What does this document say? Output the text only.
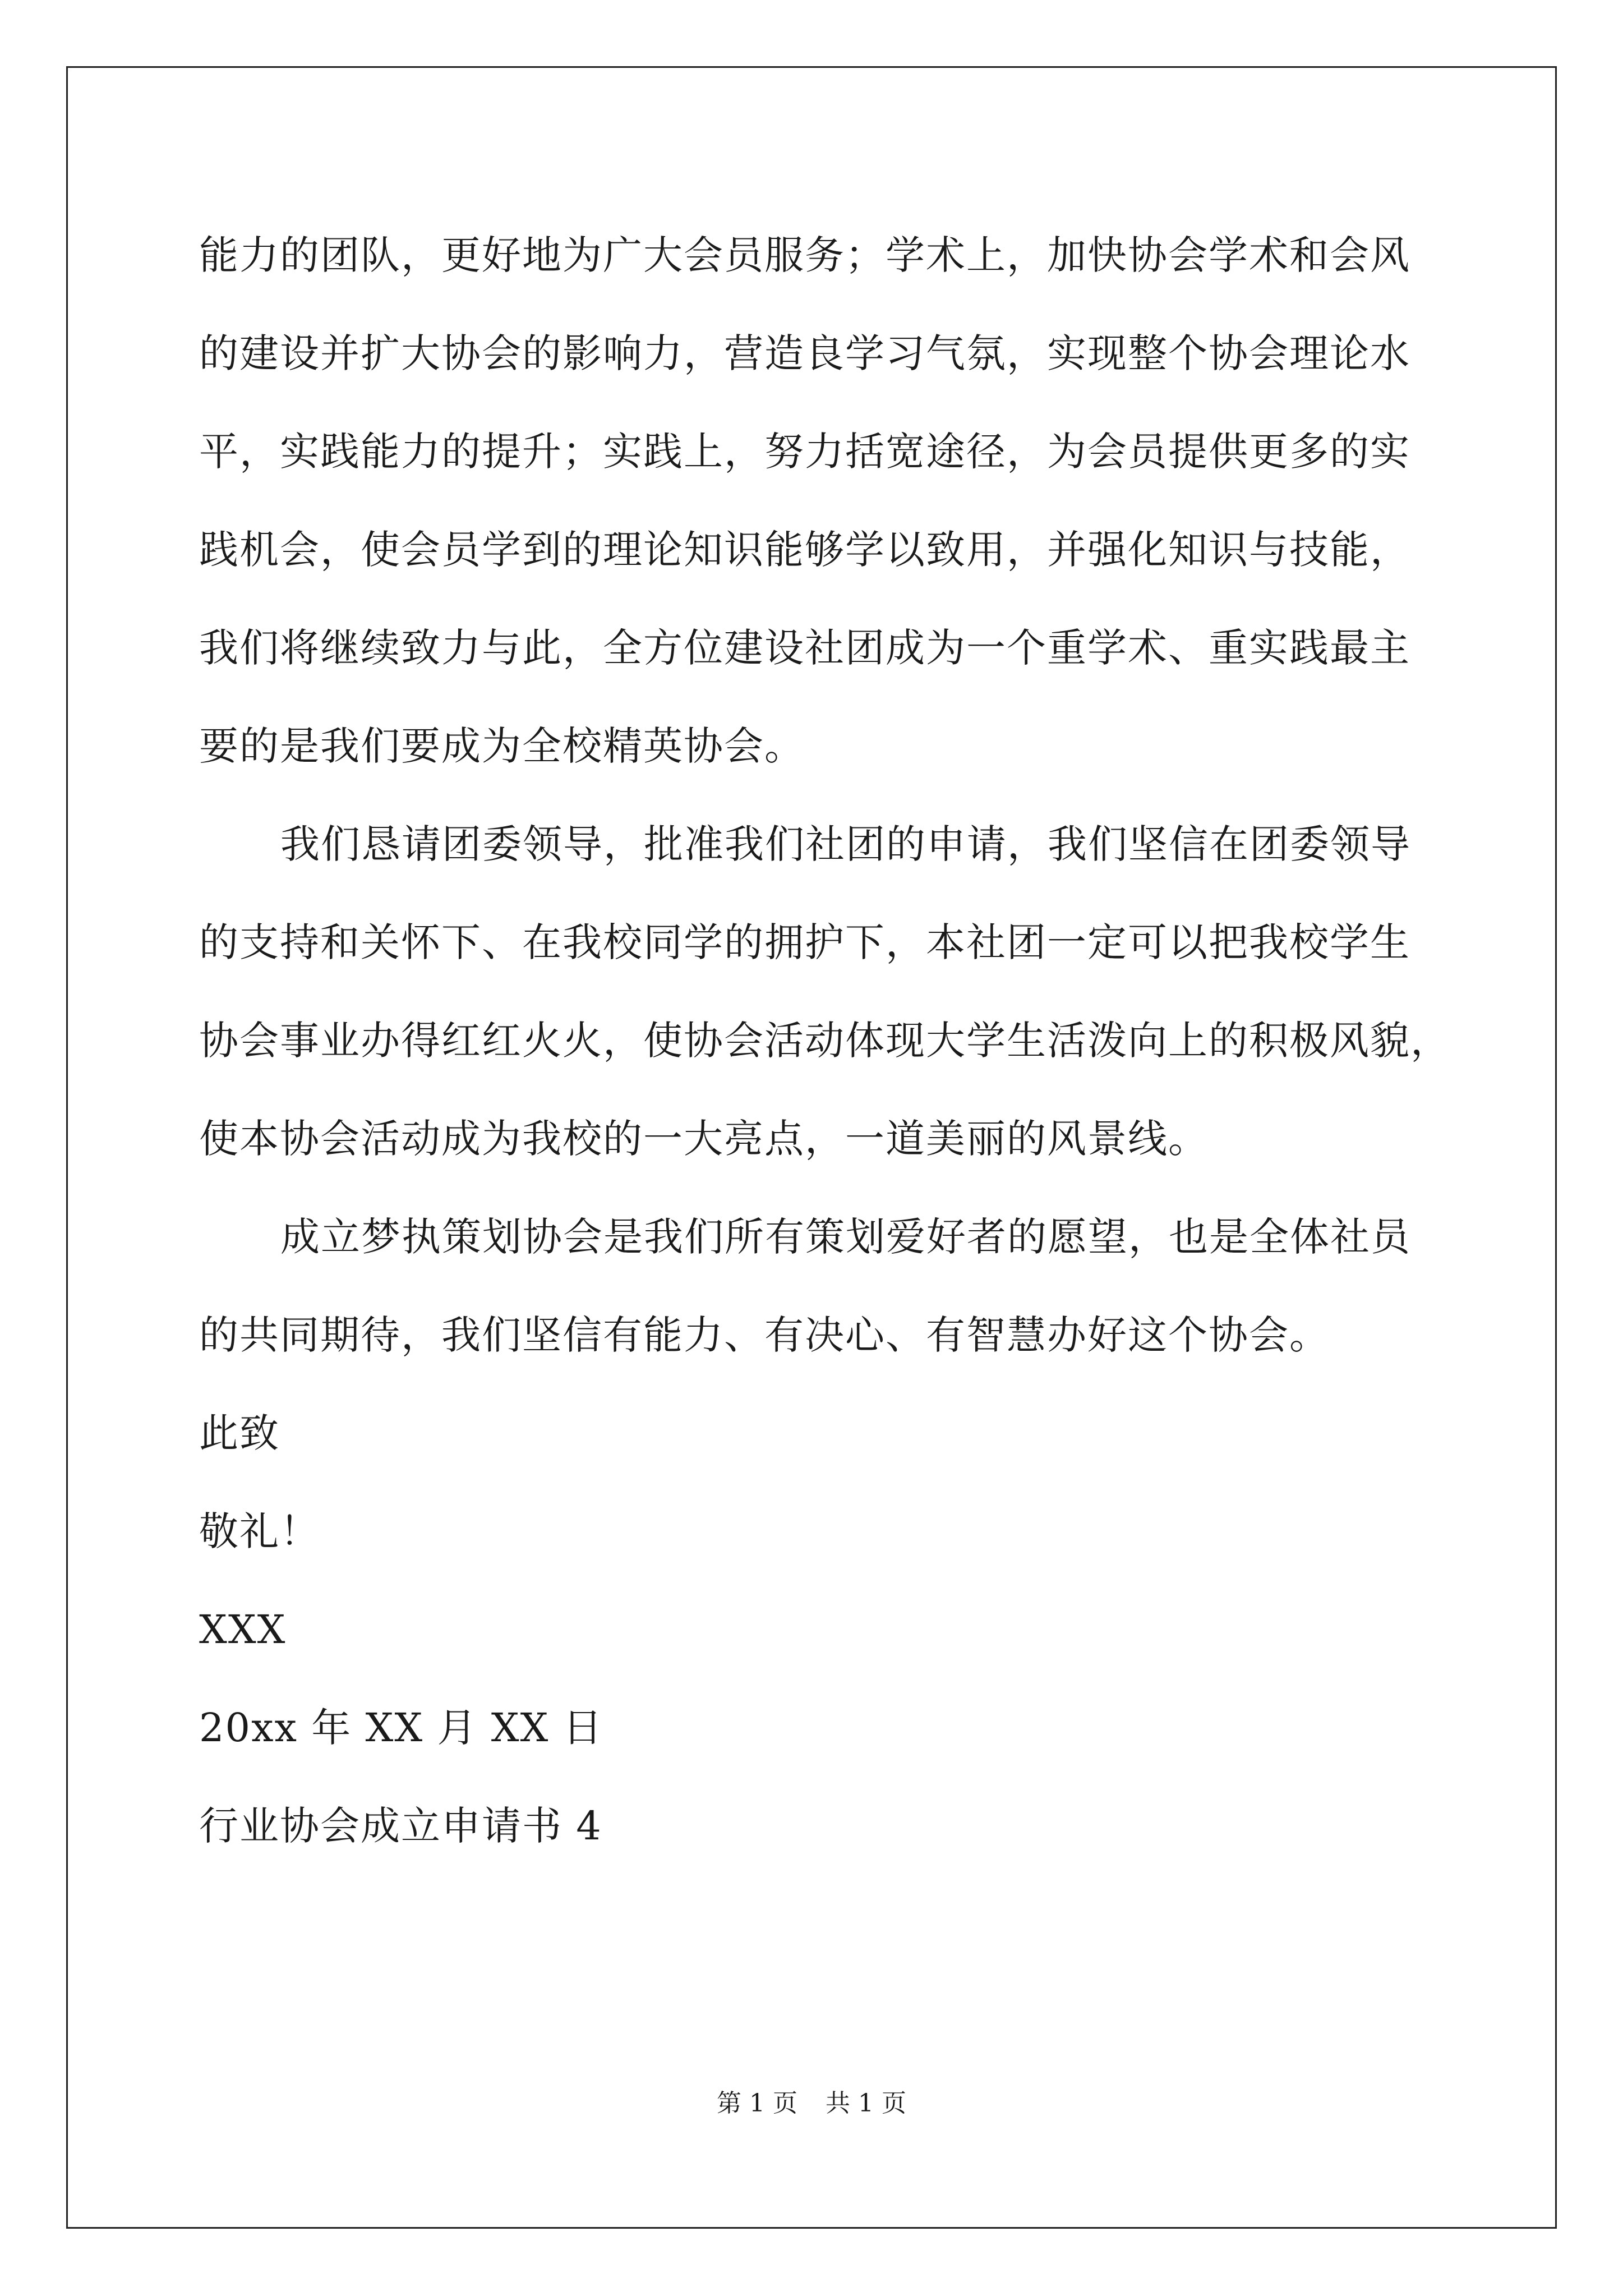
能力的团队，更好地为广大会员服务；学术上，加快协会学术和会风
的建设并扩大协会的影响力，营造良学习气氛，实现整个协会理论水
平，实践能力的提升；实践上，努力括宽途径，为会员提供更多的实
践机会，使会员学到的理论知识能够学以致用，并强化知识与技能，
我们将继续致力与此，全方位建设社团成为一个重学术、重实践最主
要的是我们要成为全校精英协会。
我们恳请团委领导，批准我们社团的申请，我们坚信在团委领导
的支持和关怀下、在我校同学的拥护下，本社团一定可以把我校学生
协会事业办得红红火火，使协会活动体现大学生活泼向上的积极风貌，
使本协会活动成为我校的一大亮点，一道美丽的风景线。
成立梦执策划协会是我们所有策划爱好者的愿望，也是全体社员
的共同期待，我们坚信有能力、有决心、有智慧办好这个协会。
此致
敬礼！
XXX
20xx 年 XX 月 XX 日
行业协会成立申请书 4
第 1 页 共 1 页
